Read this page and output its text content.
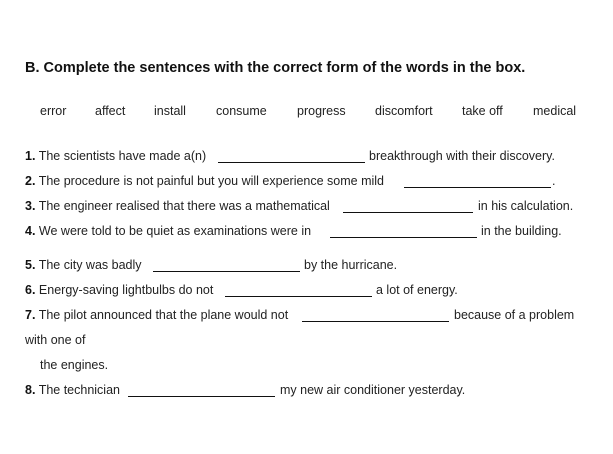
B. Complete the sentences with the correct form of the words in the box.
error affect install consume progress discomfort take off medical
1. The scientists have made a(n)	breakthrough with their discovery.
2. The procedure is not painful but you will experience some mild	.
3. The engineer realised that there was a mathematical	in his calculation.
4. We were told to be quiet as examinations were in	in the building.
5. The city was badly	by the hurricane.
6. Energy-saving lightbulbs do not	a lot of energy.
7. The pilot announced that the plane would not	because of a problem
with one of
the engines.
8. The technician	my new air conditioner yesterday.
